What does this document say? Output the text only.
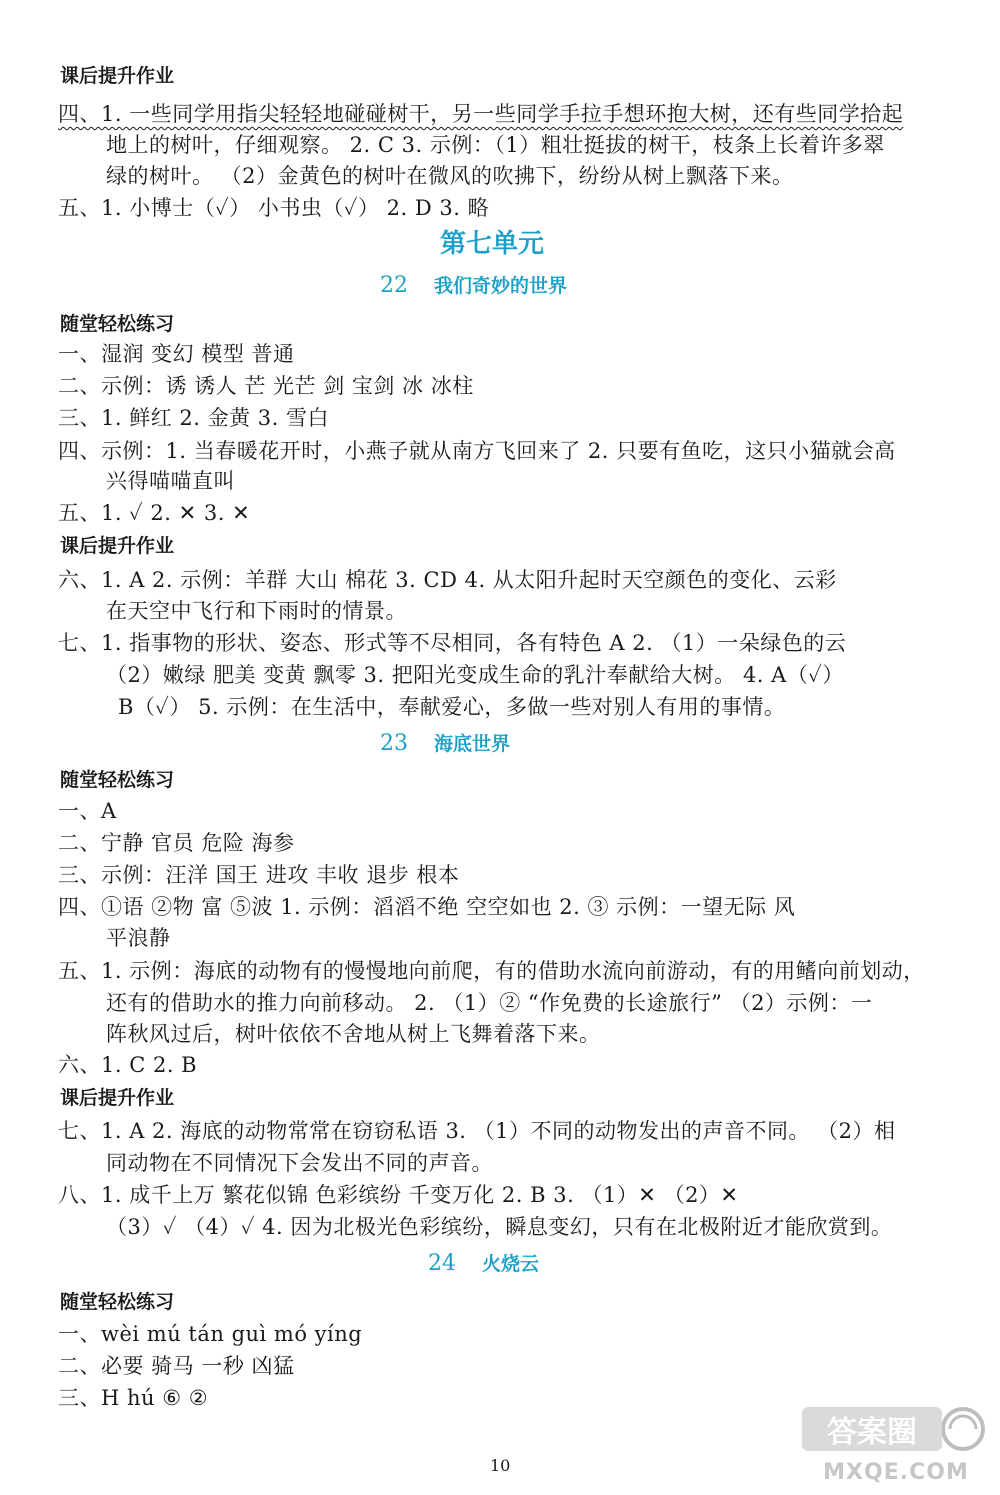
课后提升作业
四、1. 一些同学用指尖轻轻地碰碰树干，另一些同学手拉手想环抱大树，还有些同学拾起
地上的树叶，仔细观察。 2. C 3. 示例：（1）粗壮挺拔的树干，枝条上长着许多翠
绿的树叶。 （2）金黄色的树叶在微风的吹拂下，纷纷从树上飘落下来。
五、1. 小博士（✓） 小书虫（✓） 2. D 3. 略
第七单元
22 我们奇妙的世界
随堂轻松练习
一、湿润 变幻 模型 普通
二、示例：诱 诱人 芒 光芒 剑 宝剑 冰 冰柱
三、1. 鲜红 2. 金黄 3. 雪白
四、示例：1. 当春暖花开时，小燕子就从南方飞回来了 2. 只要有鱼吃，这只小猫就会高
兴得喵喵直叫
五、1. ✓ 2. ✕ 3. ✕
课后提升作业
六、1. A 2. 示例：羊群 大山 棉花 3. CD 4. 从太阳升起时天空颜色的变化、云彩
在天空中飞行和下雨时的情景。
七、1. 指事物的形状、姿态、形式等不尽相同，各有特色 A 2. （1）一朵绿色的云
（2）嫩绿 肥美 变黄 飘零 3. 把阳光变成生命的乳汁奉献给大树。 4. A（✓）
B（✓） 5. 示例：在生活中，奉献爱心，多做一些对别人有用的事情。
23 海底世界
随堂轻松练习
一、A
二、宁静 官员 危险 海参
三、示例：汪洋 国王 进攻 丰收 退步 根本
四、①语 ②物 富 ⑤波 1. 示例：滔滔不绝 空空如也 2. ③ 示例：一望无际 风
平浪静
五、1. 示例：海底的动物有的慢慢地向前爬，有的借助水流向前游动，有的用鳍向前划动，
还有的借助水的推力向前移动。 2. （1）② “作免费的长途旅行” （2）示例：一
阵秋风过后，树叶依依不舍地从树上飞舞着落下来。
六、1. C 2. B
课后提升作业
七、1. A 2. 海底的动物常常在窃窃私语 3. （1）不同的动物发出的声音不同。 （2）相
同动物在不同情况下会发出不同的声音。
八、1. 成千上万 繁花似锦 色彩缤纷 千变万化 2. B 3. （1）✕ （2）✕
（3）✓ （4）✓ 4. 因为北极光色彩缤纷，瞬息变幻，只有在北极附近才能欣赏到。
24 火烧云
随堂轻松练习
一、wèi mú tán guì mó yíng
二、必要 骑马 一秒 凶猛
三、H hú ⑥ ②
10
答案圈
MXQE.COM
